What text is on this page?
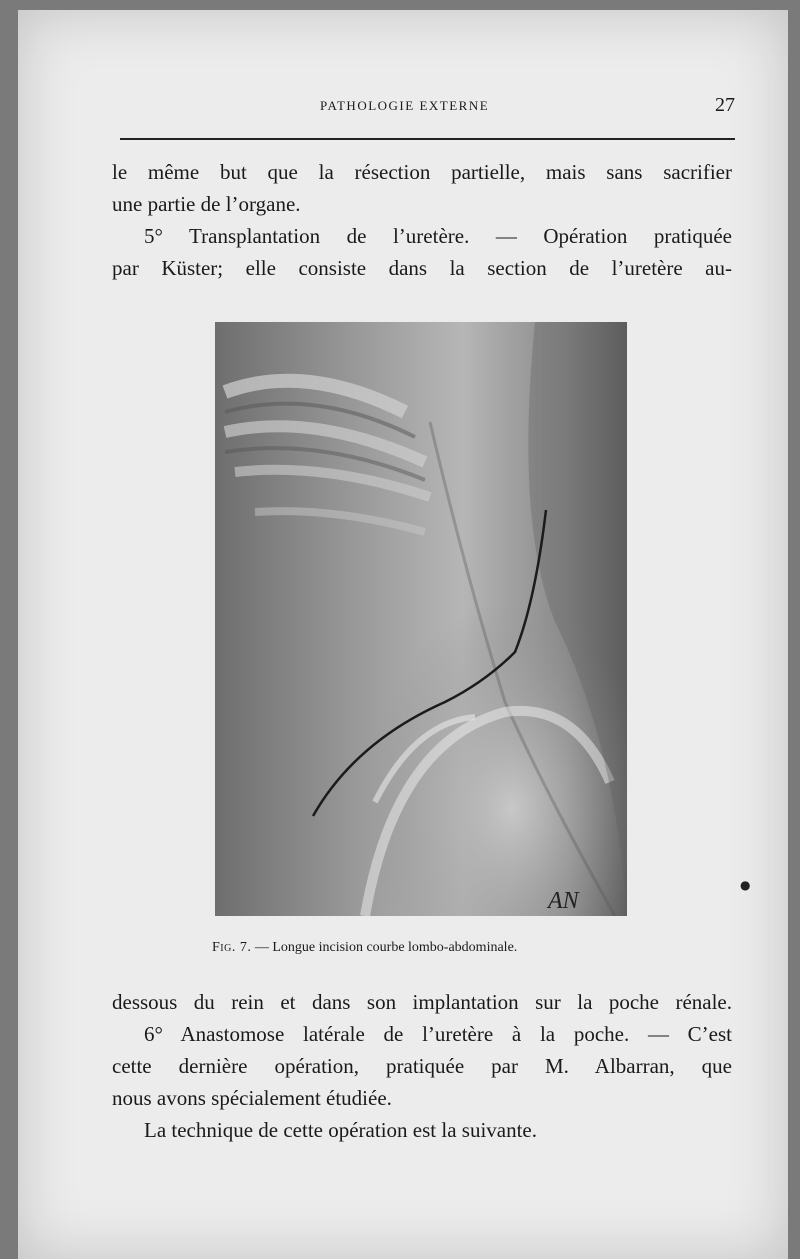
PATHOLOGIE EXTERNE	27
le même but que la résection partielle, mais sans sacrifier
une partie de l’organe.
5° Transplantation de l’uretère. — Opération pratiquée
par Küster; elle consiste dans la section de l’uretère au-
AN
●
Fig. 7. — Longue incision courbe lombo-abdominale.
dessous du rein et dans son implantation sur la poche rénale.
6° Anastomose latérale de l’uretère à la poche. — C’est
cette dernière opération, pratiquée par M. Albarran, que
nous avons spécialement étudiée.
La technique de cette opération est la suivante.
